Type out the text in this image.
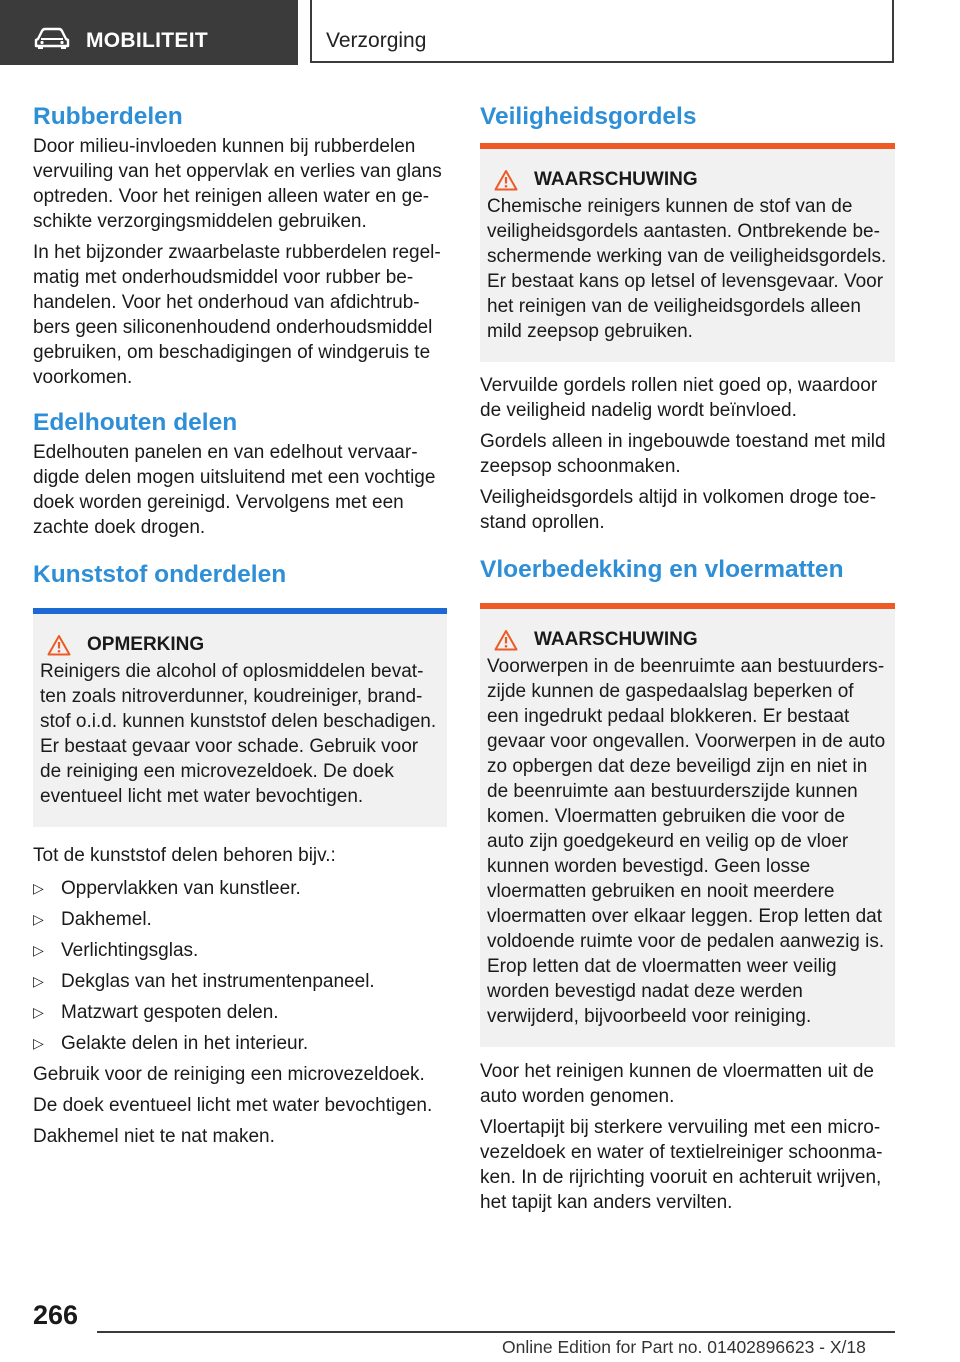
MOBILITEIT	Verzorging
Rubberdelen

Door milieu-invloeden kunnen bij rubberdelen vervuiling van het oppervlak en verlies van glans optreden. Voor het reinigen alleen water en geschikte verzorgingsmiddelen gebruiken.

In het bijzonder zwaarbelaste rubberdelen regelmatig met onderhoudsmiddel voor rubber behandelen. Voor het onderhoud van afdichtrubbers geen siliconenhoudend onderhoudsmiddel gebruiken, om beschadigingen of windgeruis te voorkomen.

Edelhouten delen

Edelhouten panelen en van edelhout vervaardigde delen mogen uitsluitend met een vochtige doek worden gereinigd. Vervolgens met een zachte doek drogen.

Kunststof onderdelen
OPMERKING

Reinigers die alcohol of oplosmiddelen bevatten zoals nitroverdunner, koudreiniger, brandstof o.i.d. kunnen kunststof delen beschadigen. Er bestaat gevaar voor schade. Gebruik voor de reiniging een microvezeldoek. De doek eventueel licht met water bevochtigen.

Tot de kunststof delen behoren bijv.:

▷ Oppervlakken van kunstleer.
▷ Dakhemel.
▷ Verlichtingsglas.
▷ Dekglas van het instrumentenpaneel.
▷ Matzwart gespoten delen.
▷ Gelakte delen in het interieur.

Gebruik voor de reiniging een microvezeldoek.

De doek eventueel licht met water bevochtigen.

Dakhemel niet te nat maken.

Veiligheidsgordels
WAARSCHUWING

Chemische reinigers kunnen de stof van de veiligheidsgordels aantasten. Ontbrekende beschermende werking van de veiligheidsgordels. Er bestaat kans op letsel of levensgevaar. Voor het reinigen van de veiligheidsgordels alleen mild zeepsop gebruiken.

Vervuilde gordels rollen niet goed op, waardoor de veiligheid nadelig wordt beïnvloed.

Gordels alleen in ingebouwde toestand met mild zeepsop schoonmaken.

Veiligheidsgordels altijd in volkomen droge toestand oprollen.

Vloerbedekking en vloermatten
WAARSCHUWING

Voorwerpen in de beenruimte aan bestuurderszijde kunnen de gaspedaalslag beperken of een ingedrukt pedaal blokkeren. Er bestaat gevaar voor ongevallen. Voorwerpen in de auto zo opbergen dat deze beveiligd zijn en niet in de beenruimte aan bestuurderszijde kunnen komen. Vloermatten gebruiken die voor de auto zijn goedgekeurd en veilig op de vloer kunnen worden bevestigd. Geen losse vloermatten gebruiken en nooit meerdere vloermatten over elkaar leggen. Erop letten dat voldoende ruimte voor de pedalen aanwezig is. Erop letten dat de vloermatten weer veilig worden bevestigd nadat deze werden verwijderd, bijvoorbeeld voor reiniging.

Voor het reinigen kunnen de vloermatten uit de auto worden genomen.

Vloertapijt bij sterkere vervuiling met een microvezeldoek en water of textielreiniger schoonmaken. In de rijrichting vooruit en achteruit wrijven, het tapijt kan anders vervilten.

266
Online Edition for Part no. 01402896623 - X/18
